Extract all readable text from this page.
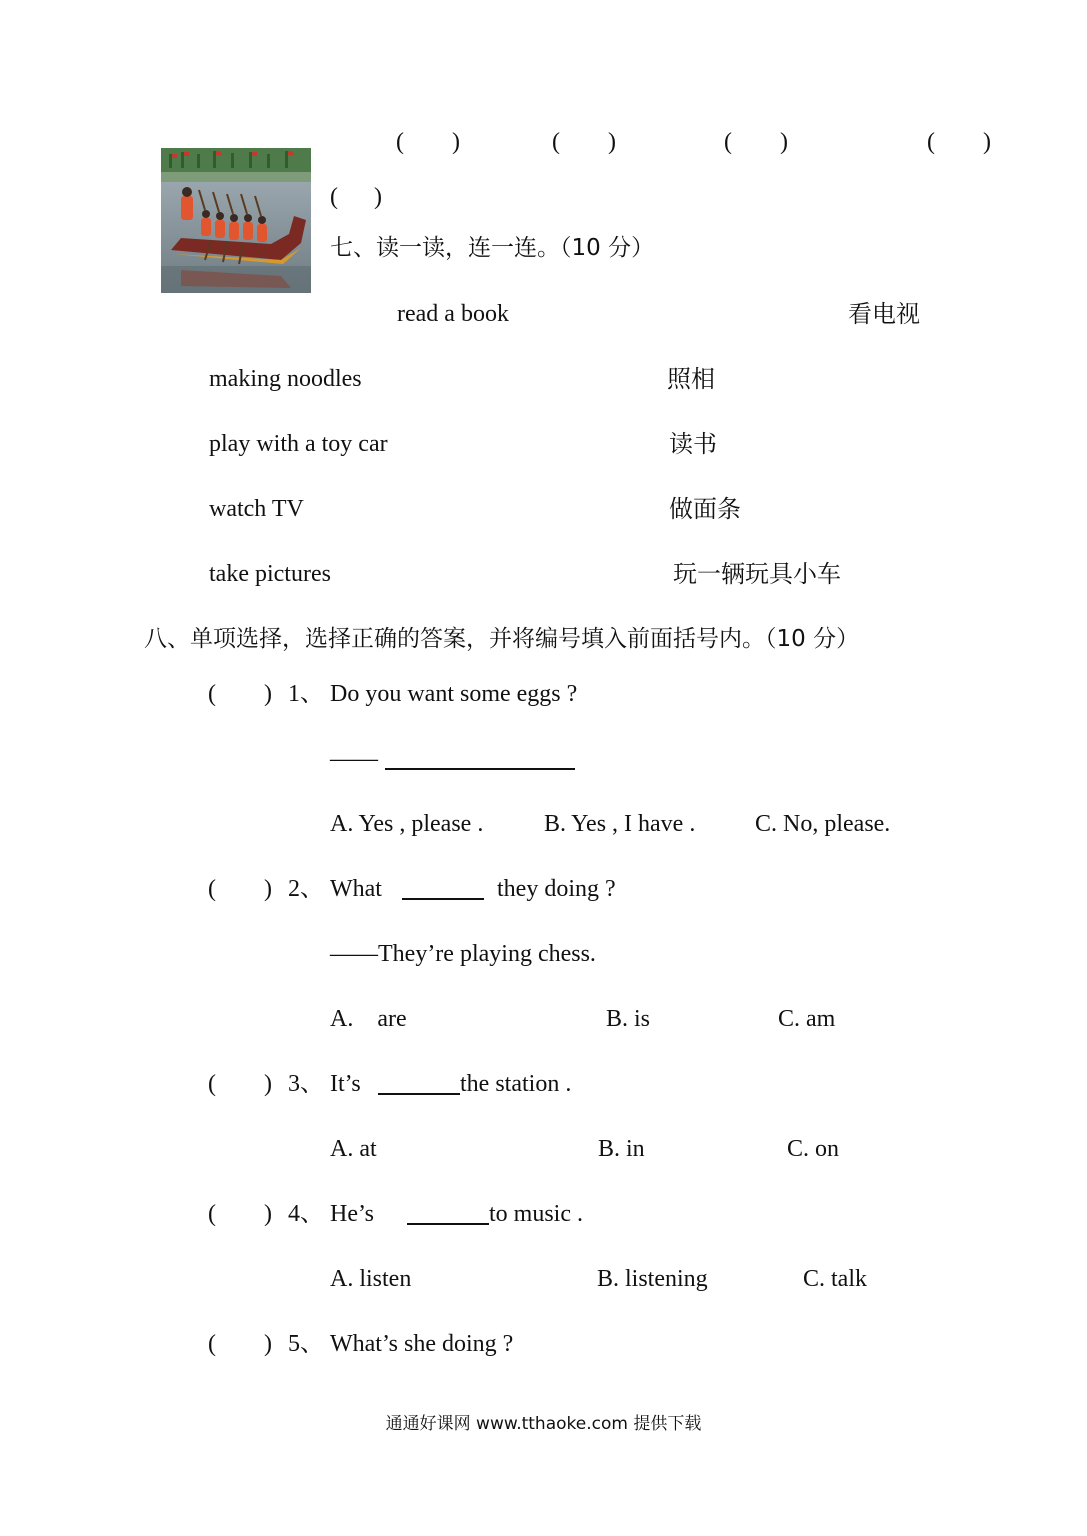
(        )	(        )	(        )	(        )
(      )
七、读一读，连一连。（10 分）
read a book
making noodles
play with a toy car
watch TV
take pictures
看电视
照相
读书
做面条
玩一辆玩具小车
八、单项选择，选择正确的答案，并将编号填入前面括号内。（10 分）
(        ) 1、 Do you want some eggs ?
——
A. Yes , please .	B. Yes , I have . C. No, please.
(        ) 2、 What	they doing ?
——They’re playing chess.
A.    are	B. is	C. am
(        ) 3、 It’s	the station .
A. at	B. in	C. on
(        ) 4、 He’s	to music .
A. listen	B. listening	C. talk
(        ) 5、 What’s she doing ?
通通好课网 www.tthaoke.com 提供下载
